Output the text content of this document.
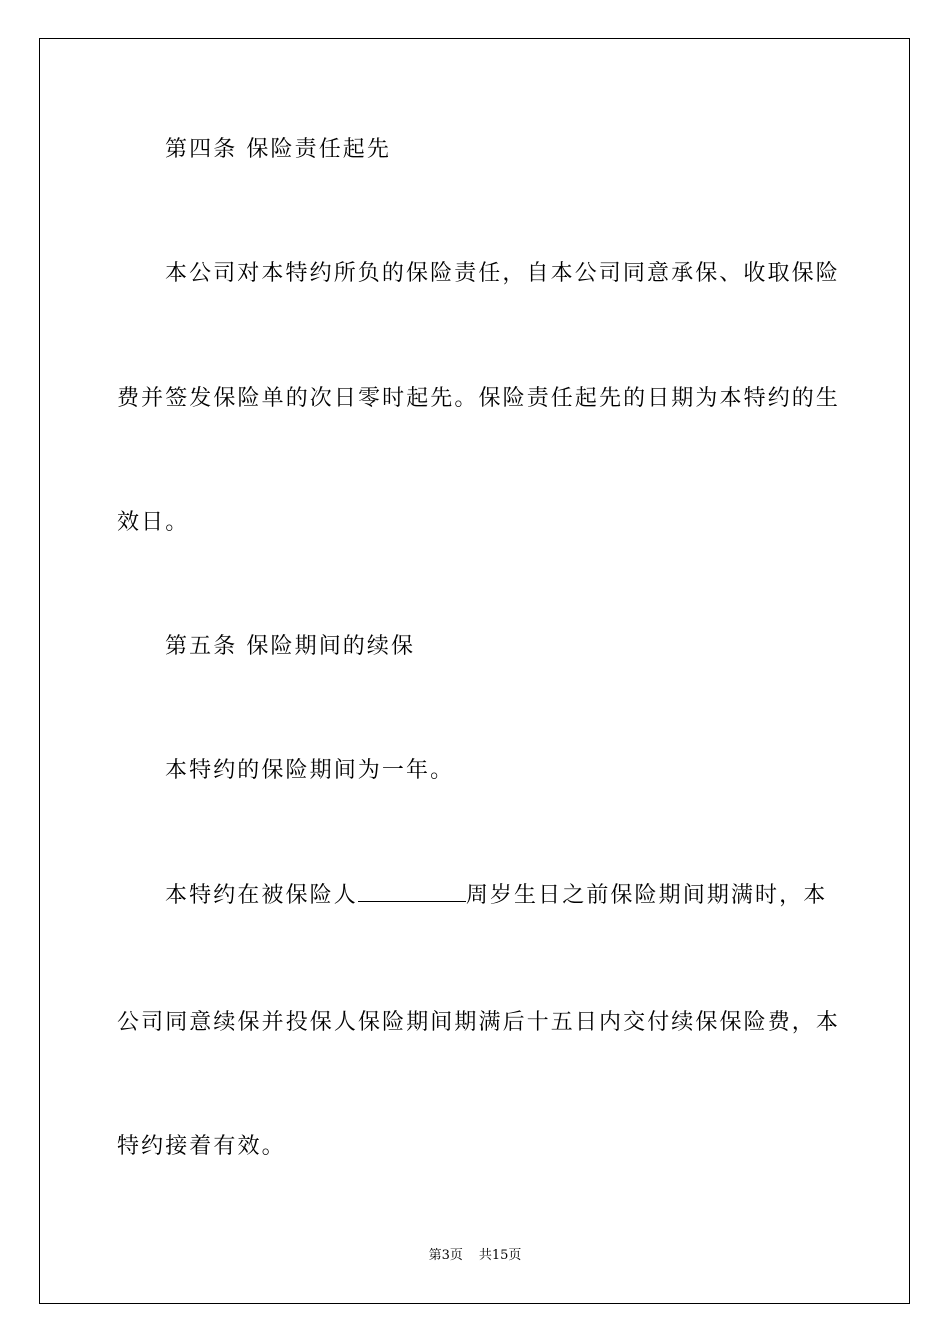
第四条 保险责任起先
本公司对本特约所负的保险责任，自本公司同意承保、收取保险
费并签发保险单的次日零时起先。保险责任起先的日期为本特约的生
效日。
第五条 保险期间的续保
本特约的保险期间为一年。
本特约在被保险人	周岁生日之前保险期间期满时，本
公司同意续保并投保人保险期间期满后十五日内交付续保保险费，本
特约接着有效。
第3页 共15页
